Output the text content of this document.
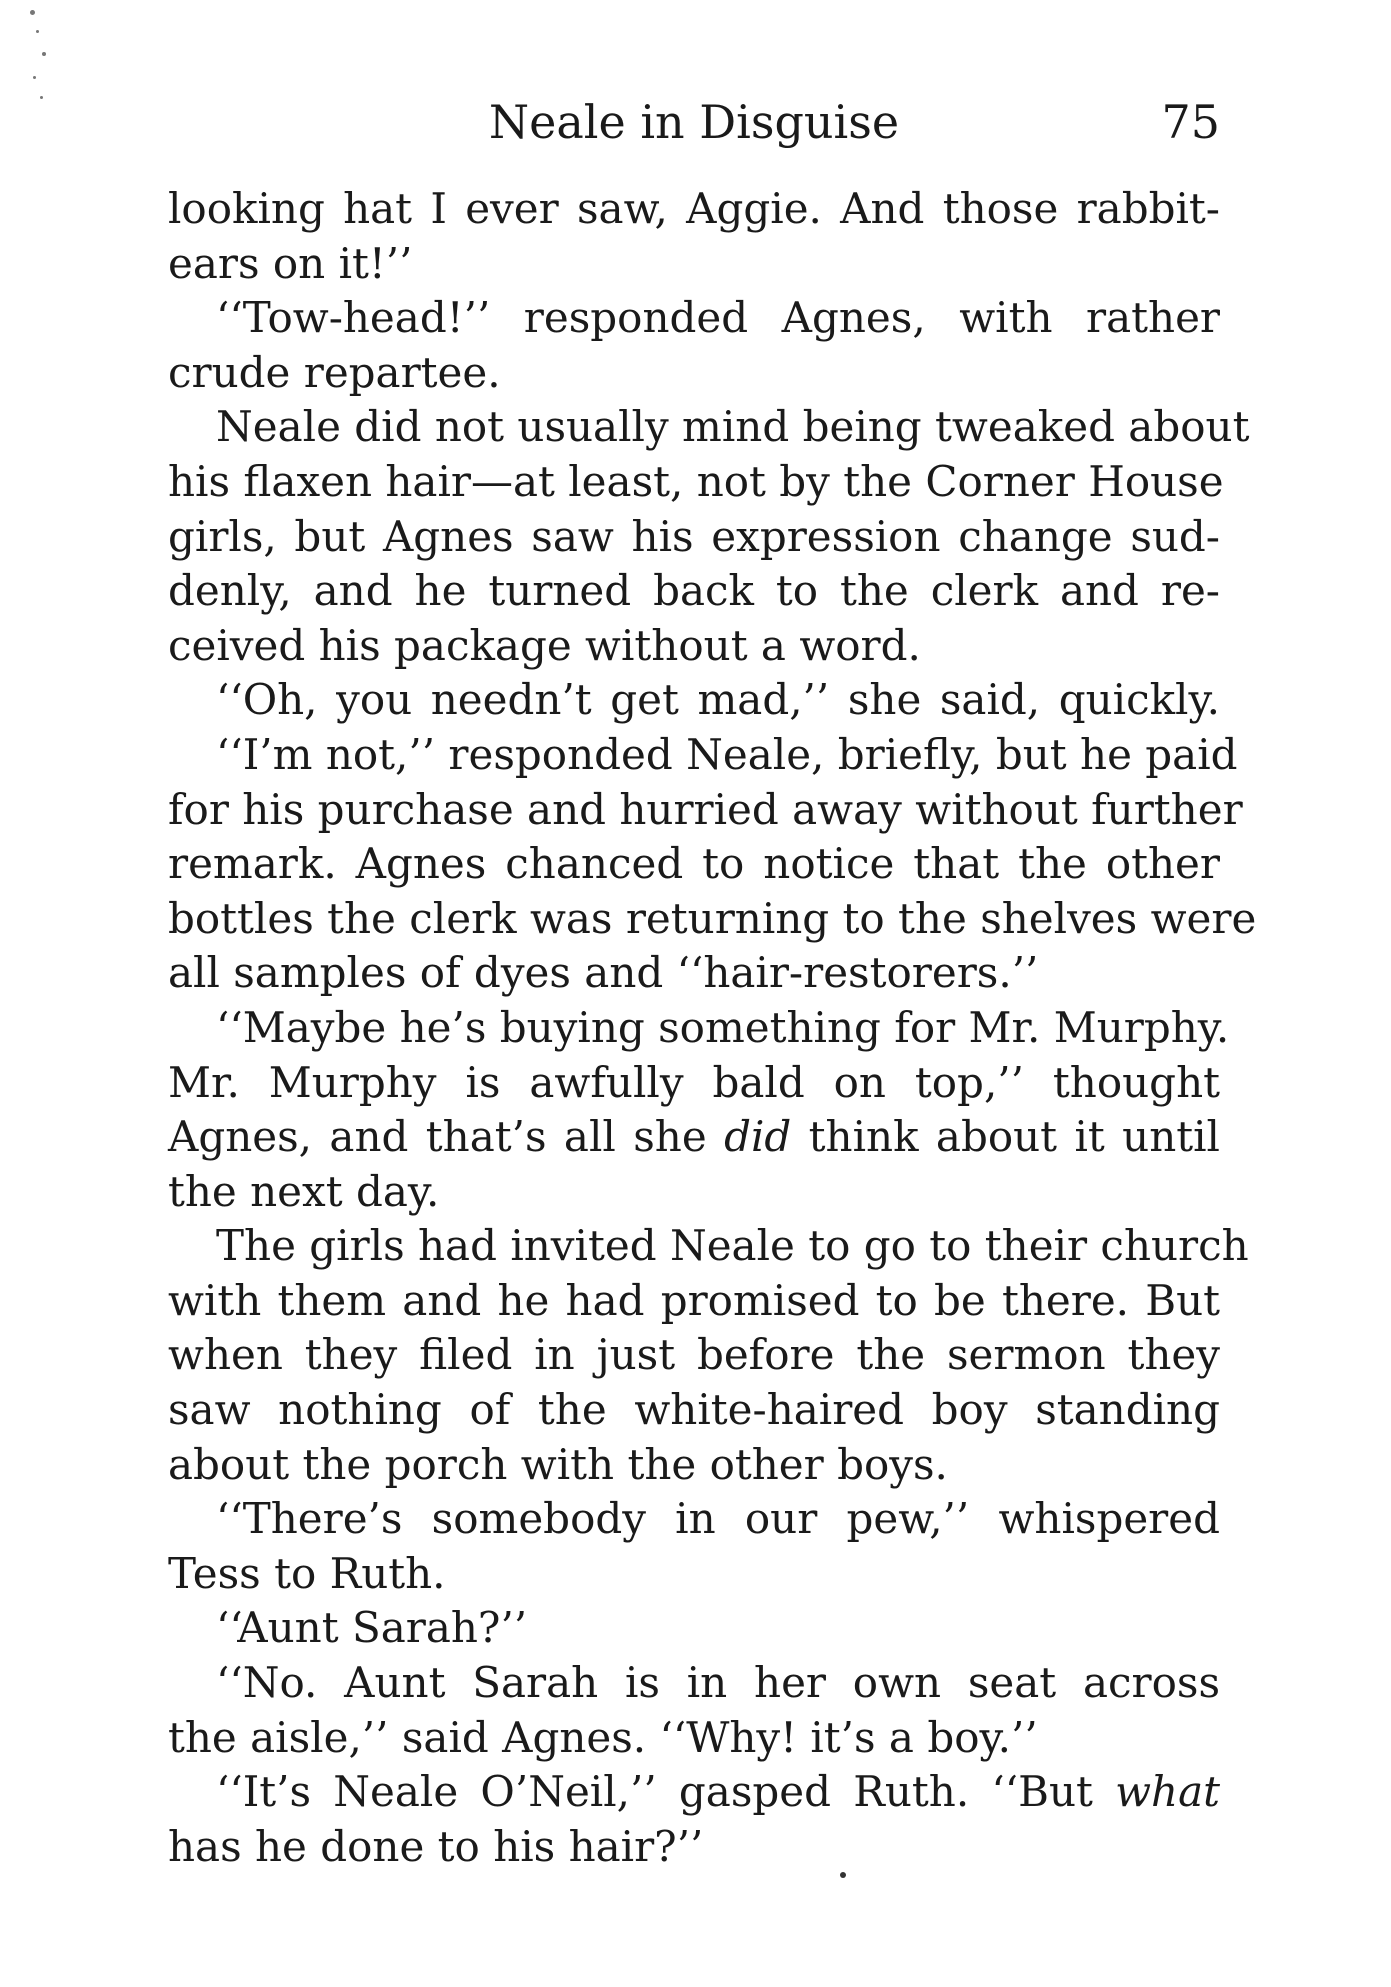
Neale in Disguise	75
looking hat I ever saw, Aggie. And those rabbit-
ears on it!’’
‘‘Tow-head!’’ responded Agnes, with rather
crude repartee.
Neale did not usually mind being tweaked about
his flaxen hair—at least, not by the Corner House
girls, but Agnes saw his expression change sud-
denly, and he turned back to the clerk and re-
ceived his package without a word.
‘‘Oh, you needn’t get mad,’’ she said, quickly.
‘‘I’m not,’’ responded Neale, briefly, but he paid
for his purchase and hurried away without further
remark. Agnes chanced to notice that the other
bottles the clerk was returning to the shelves were
all samples of dyes and ‘‘hair-restorers.’’
‘‘Maybe he’s buying something for Mr. Murphy.
Mr. Murphy is awfully bald on top,’’ thought
Agnes, and that’s all she did think about it until
the next day.
The girls had invited Neale to go to their church
with them and he had promised to be there. But
when they filed in just before the sermon they
saw nothing of the white-haired boy standing
about the porch with the other boys.
‘‘There’s somebody in our pew,’’ whispered
Tess to Ruth.
‘‘Aunt Sarah?’’
‘‘No. Aunt Sarah is in her own seat across
the aisle,’’ said Agnes. ‘‘Why! it’s a boy.’’
‘‘It’s Neale O’Neil,’’ gasped Ruth. ‘‘But what
has he done to his hair?’’
